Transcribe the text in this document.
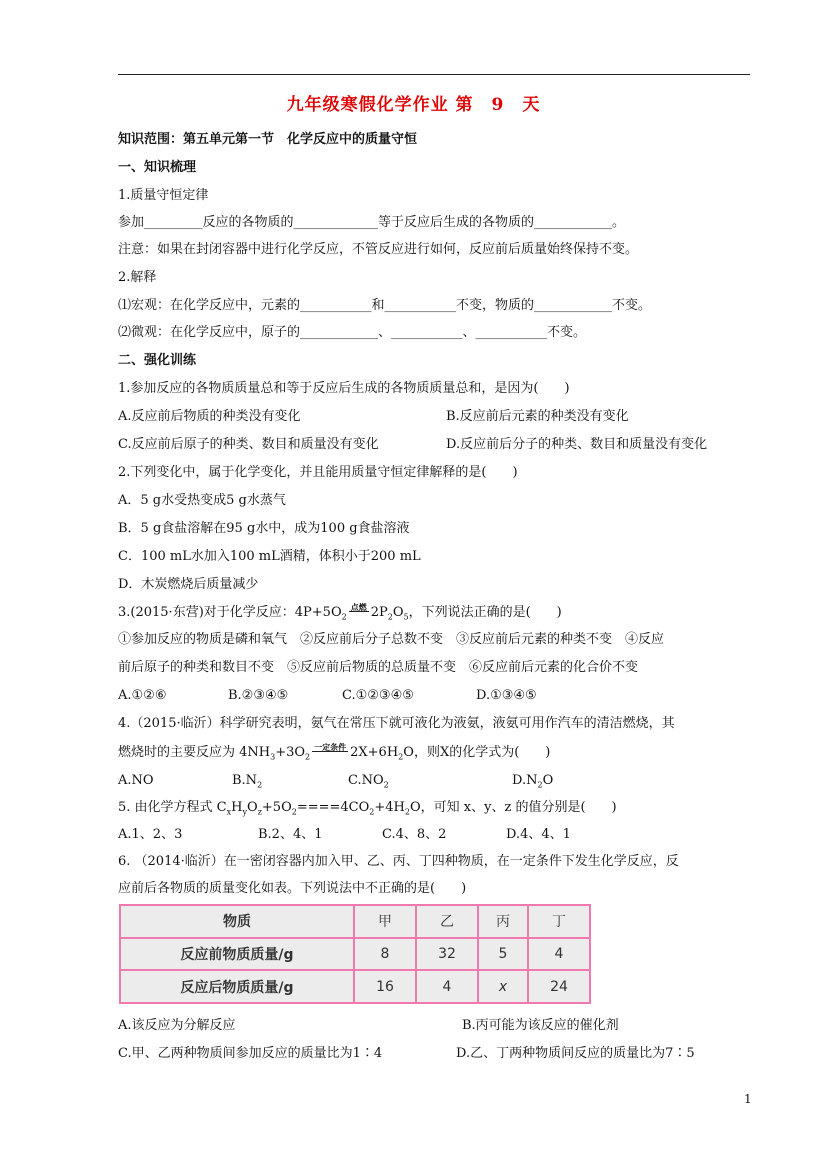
九年级寒假化学作业 第　9　天
知识范围：第五单元第一节　化学反应中的质量守恒
一、知识梳理
1.质量守恒定律
参加_________反应的各物质的_____________等于反应后生成的各物质的____________。
注意：如果在封闭容器中进行化学反应，不管反应进行如何，反应前后质量始终保持不变。
2.解释
⑴宏观：在化学反应中，元素的___________和___________不变，物质的____________不变。
⑵微观：在化学反应中，原子的____________、___________、___________不变。
二、强化训练
1.参加反应的各物质质量总和等于反应后生成的各物质质量总和，是因为(　　)
A.反应前后物质的种类没有变化	B.反应前后元素的种类没有变化
C.反应前后原子的种类、数目和质量没有变化	D.反应前后分子的种类、数目和质量没有变化
2.下列变化中，属于化学变化，并且能用质量守恒定律解释的是(　　)
A．5 g水受热变成5 g水蒸气
B．5 g食盐溶解在95 g水中，成为100 g食盐溶液
C．100 mL水加入100 mL酒精，体积小于200 mL
D．木炭燃烧后质量减少
3.(2015·东营)对于化学反应：$4P+5O_2$点燃 $2P_2O_5$，下列说法正确的是(　　)
①参加反应的物质是磷和氧气　②反应前后分子总数不变　③反应前后元素的种类不变　④反应
前后原子的种类和数目不变　⑤反应前后物质的总质量不变　⑥反应前后元素的化合价不变
A.①②⑥	B.②③④⑤	C.①②③④⑤	D.①③④⑤
4.（2015·临沂）科学研究表明，氨气在常压下就可液化为液氨，液氨可用作汽车的清洁燃烧，其
燃烧时的主要反应为 $4NH_3+3O_2$一定条件 $2X+6H_2O$，则X的化学式为(　　)
A.NO	$B.N_2$	$C.NO_2$	$D.N_2O$
5. 由化学方程式 $C_xH_yO_z+5O_2====4CO_2+4H_2O$，可知 x、y、z 的值分别是(　　)
A.1、2、3	B.2、4、1	C.4、8、2	D.4、4、1
6. （2014·临沂）在一密闭容器内加入甲、乙、丙、丁四种物质，在一定条件下发生化学反应，反
应前后各物质的质量变化如表。下列说法中不正确的是(　　)
物质	甲	乙	丙	丁
反应前物质质量/g	8	32	5	4
反应后物质质量/g	16	4	x	24
A.该反应为分解反应	B.丙可能为该反应的催化剂
C.甲、乙两种物质间参加反应的质量比为1∶4	D.乙、丁两种物质间反应的质量比为7∶5
1
